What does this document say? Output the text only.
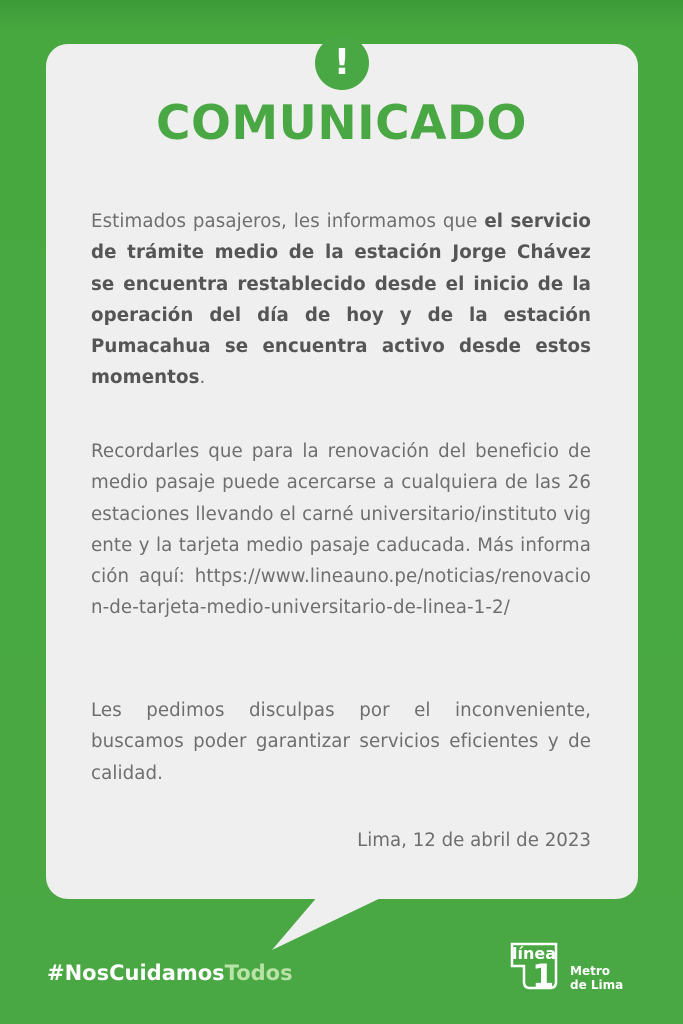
!
COMUNICADO

Estimados pasajeros, les informamos que el servicio de trámite medio de la estación Jorge Chávez se encuentra restablecido desde el inicio de la operación del día de hoy y de la estación Pumacahua se encuentra activo desde estos momentos.

Recordarles que para la renovación del beneficio de medio pasaje puede acercarse a cualquiera de las 26 estaciones llevando el carné universitario/instituto vigente y la tarjeta medio pasaje caducada. Más información aquí: https://www.lineauno.pe/noticias/renovacion-de-tarjeta-medio-universitario-de-linea-1-2/

Les pedimos disculpas por el inconveniente, buscamos poder garantizar servicios eficientes y de calidad.

Lima, 12 de abril de 2023
#NosCuidamosTodos
línea
1 Metro
de Lima
